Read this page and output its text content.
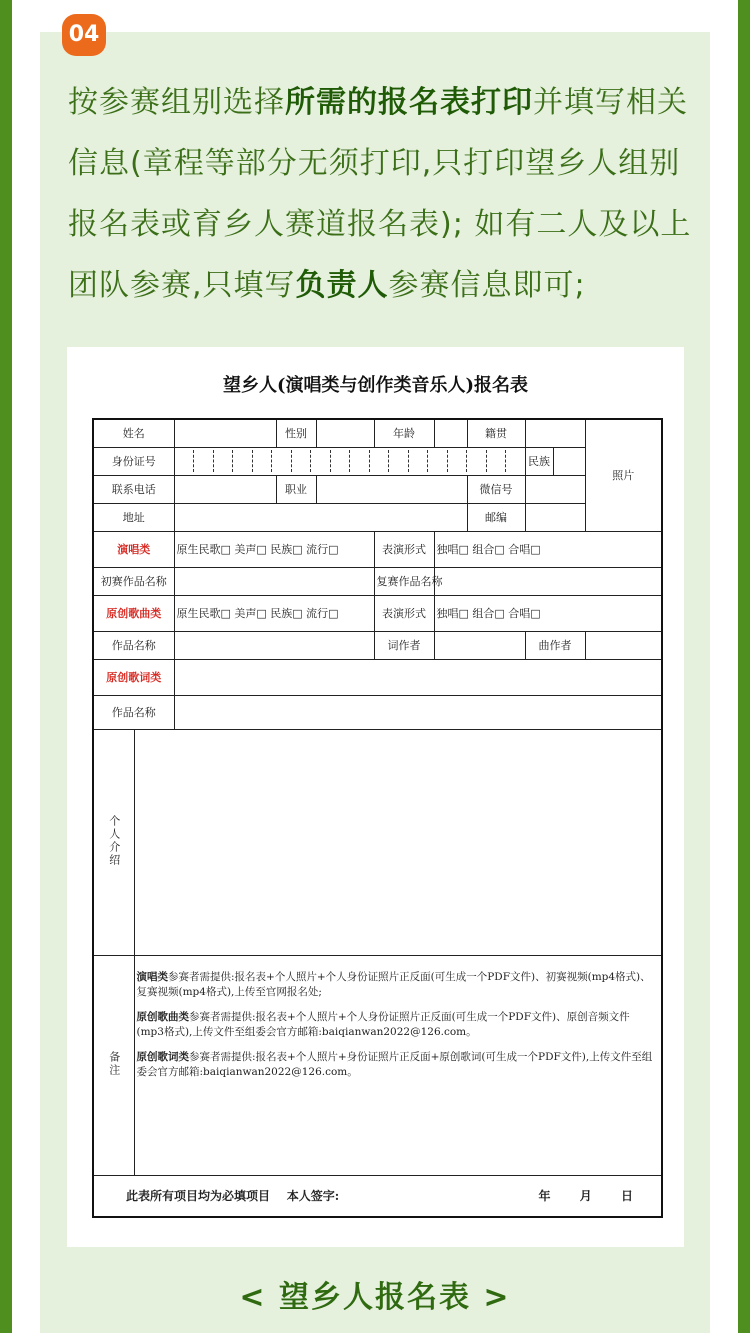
04
按参赛组别选择所需的报名表打印并填写相关信息(章程等部分无须打印,只打印望乡人组别报名表或育乡人赛道报名表); 如有二人及以上团队参赛,只填写负责人参赛信息即可;
望乡人(演唱类与创作类音乐人)报名表
姓名			性别		年龄		籍贯			照片
身份证号								民族		
联系电话			职业				微信号			
地址							邮编			
演唱类		原生民歌□ 美声□ 民族□ 流行□			表演形式	独唱□ 组合□ 合唱□				
初赛作品名称					复赛作品名称					
原创歌曲类		原生民歌□ 美声□ 民族□ 流行□			表演形式	独唱□ 组合□ 合唱□				
作品名称					词作者			曲作者		
原创歌词类										
作品名称										
个人介绍										
备注	演唱类参赛者需提供:报名表+个人照片+个人身份证照片正反面(可生成一个PDF文件)、初赛视频(mp4格式)、复赛视频(mp4格式),上传至官网报名处;

原创歌曲类参赛者需提供:报名表+个人照片+个人身份证照片正反面(可生成一个PDF文件)、原创音频文件(mp3格式),上传文件至组委会官方邮箱:baiqianwan2022@126.com。

原创歌词类参赛者需提供:报名表+个人照片+身份证照片正反面+原创歌词(可生成一个PDF文件),上传文件至组委会官方邮箱:baiqianwan2022@126.com。									

此表所有项目均为必填项目 本人签字: 年 月 日										
< 望乡人报名表 >
